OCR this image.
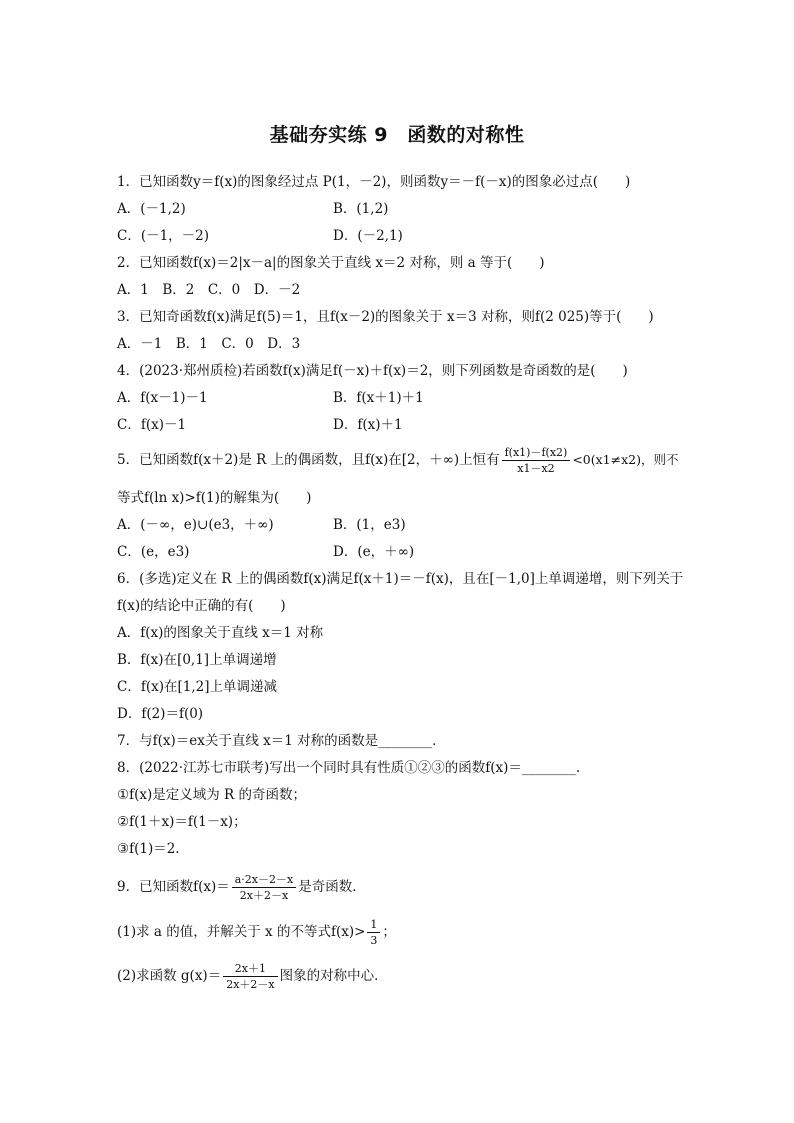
基础夯实练 9　函数的对称性
1．已知函数y＝f(x)的图象经过点 P(1，－2)，则函数y＝－f(－x)的图象必过点(　　)
A．(－1,2)	B．(1,2)
C．(－1，－2)	D．(－2,1)
2．已知函数f(x)＝2|x－a|的图象关于直线 x＝2 对称，则 a 等于(　　)
A．1　B．2　C．0　D．－2
3．已知奇函数f(x)满足f(5)＝1，且f(x－2)的图象关于 x＝3 对称，则f(2 025)等于(　　)
A．－1　B．1　C．0　D．3
4．(2023·郑州质检)若函数f(x)满足f(－x)＋f(x)＝2，则下列函数是奇函数的是(　　)
A．f(x－1)－1	B．f(x＋1)＋1
C．f(x)－1	D．f(x)＋1
5．已知函数f(x＋2)是 R 上的偶函数，且f(x)在[2，＋∞)上恒有 $\frac{f(x1)-f(x2)}{x1-x2} <0(x1\ne x2)$，则不
等式f(ln x)>f(1)的解集为(　　)
A．(－∞，e)∪(e3，＋∞)	B．(1，e3)
C．(e，e3)	D．(e，＋∞)
6．(多选)定义在 R 上的偶函数f(x)满足f(x＋1)＝－f(x)，且在[－1,0]上单调递增，则下列关于
f(x)的结论中正确的有(　　)
A．f(x)的图象关于直线 x＝1 对称
B．f(x)在[0,1]上单调递增
C．f(x)在[1,2]上单调递减
D．f(2)＝f(0)
7．与f(x)＝ex关于直线 x＝1 对称的函数是________．
8．(2022·江苏七市联考)写出一个同时具有性质①②③的函数f(x)＝________.
①f(x)是定义域为 R 的奇函数；
②f(1＋x)＝f(1－x)；
③f(1)＝2.
9．已知函数$f(x)= \frac{a\cdot 2x-2-x}{2x+2-x}$ 是奇函数．
(1)求 a 的值，并解关于 x 的不等式$f(x)> \frac{1}{3}$ ；
(2)求函数 $g(x)= \frac{2x+1}{2x+2-x}$ 图象的对称中心．
